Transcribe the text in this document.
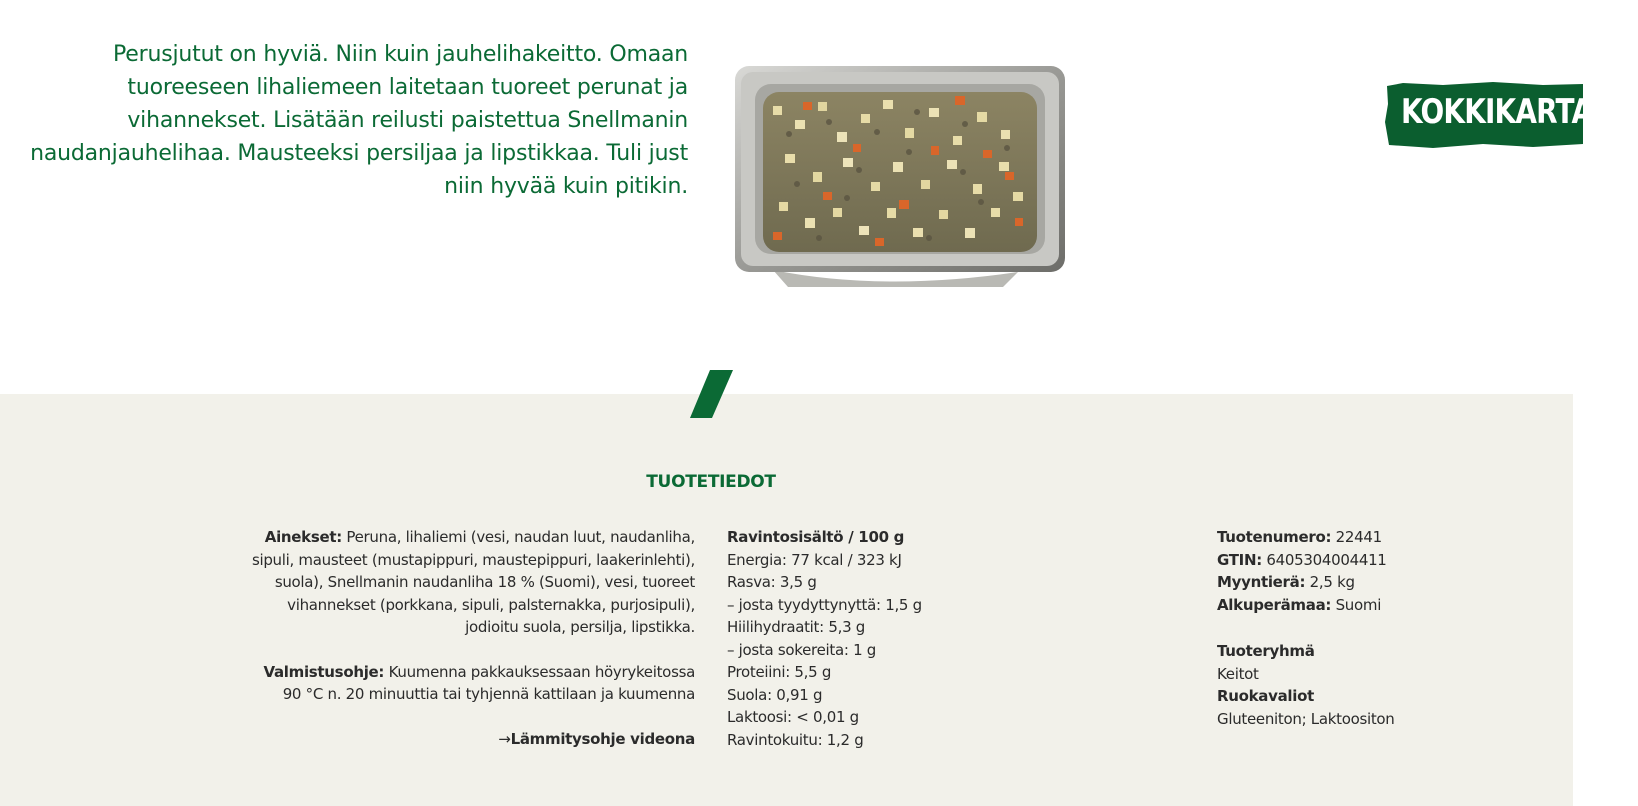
Perusjutut on hyviä. Niin kuin jauhelihakeitto. Omaan tuoreeseen lihaliemeen laitetaan tuoreet perunat ja vihannekset. Lisätään reilusti paistettua Snellmanin naudanjauhelihaa. Mausteeksi persiljaa ja lipstikkaa. Tuli just niin hyvää kuin pitikin.
KOKKIKARTANO
TUOTETIEDOT

Ainekset: Peruna, lihaliemi (vesi, naudan luut, naudanliha, sipuli, mausteet (mustapippuri, maustepippuri, laakerinlehti), suola), Snellmanin naudanliha 18 % (Suomi), vesi, tuoreet vihannekset (porkkana, sipuli, palsternakka, purjosipuli), jodioitu suola, persilja, lipstikka.

Valmistusohje: Kuumenna pakkauksessaan höyrykeitossa 90 °C n. 20 minuuttia tai tyhjennä kattilaan ja kuumenna

→Lämmitysohje videona
Ravintosisältö / 100 g
Energia: 77 kcal / 323 kJ
Rasva: 3,5 g
– josta tyydyttynyttä: 1,5 g
Hiilihydraatit: 5,3 g
– josta sokereita: 1 g
Proteiini: 5,5 g
Suola: 0,91 g
Laktoosi: < 0,01 g
Ravintokuitu: 1,2 g
Tuotenumero: 22441
GTIN: 6405304004411
Myyntierä: 2,5 kg
Alkuperämaa: Suomi
Tuoteryhmä
Keitot
Ruokavaliot
Gluteeniton; Laktoositon
